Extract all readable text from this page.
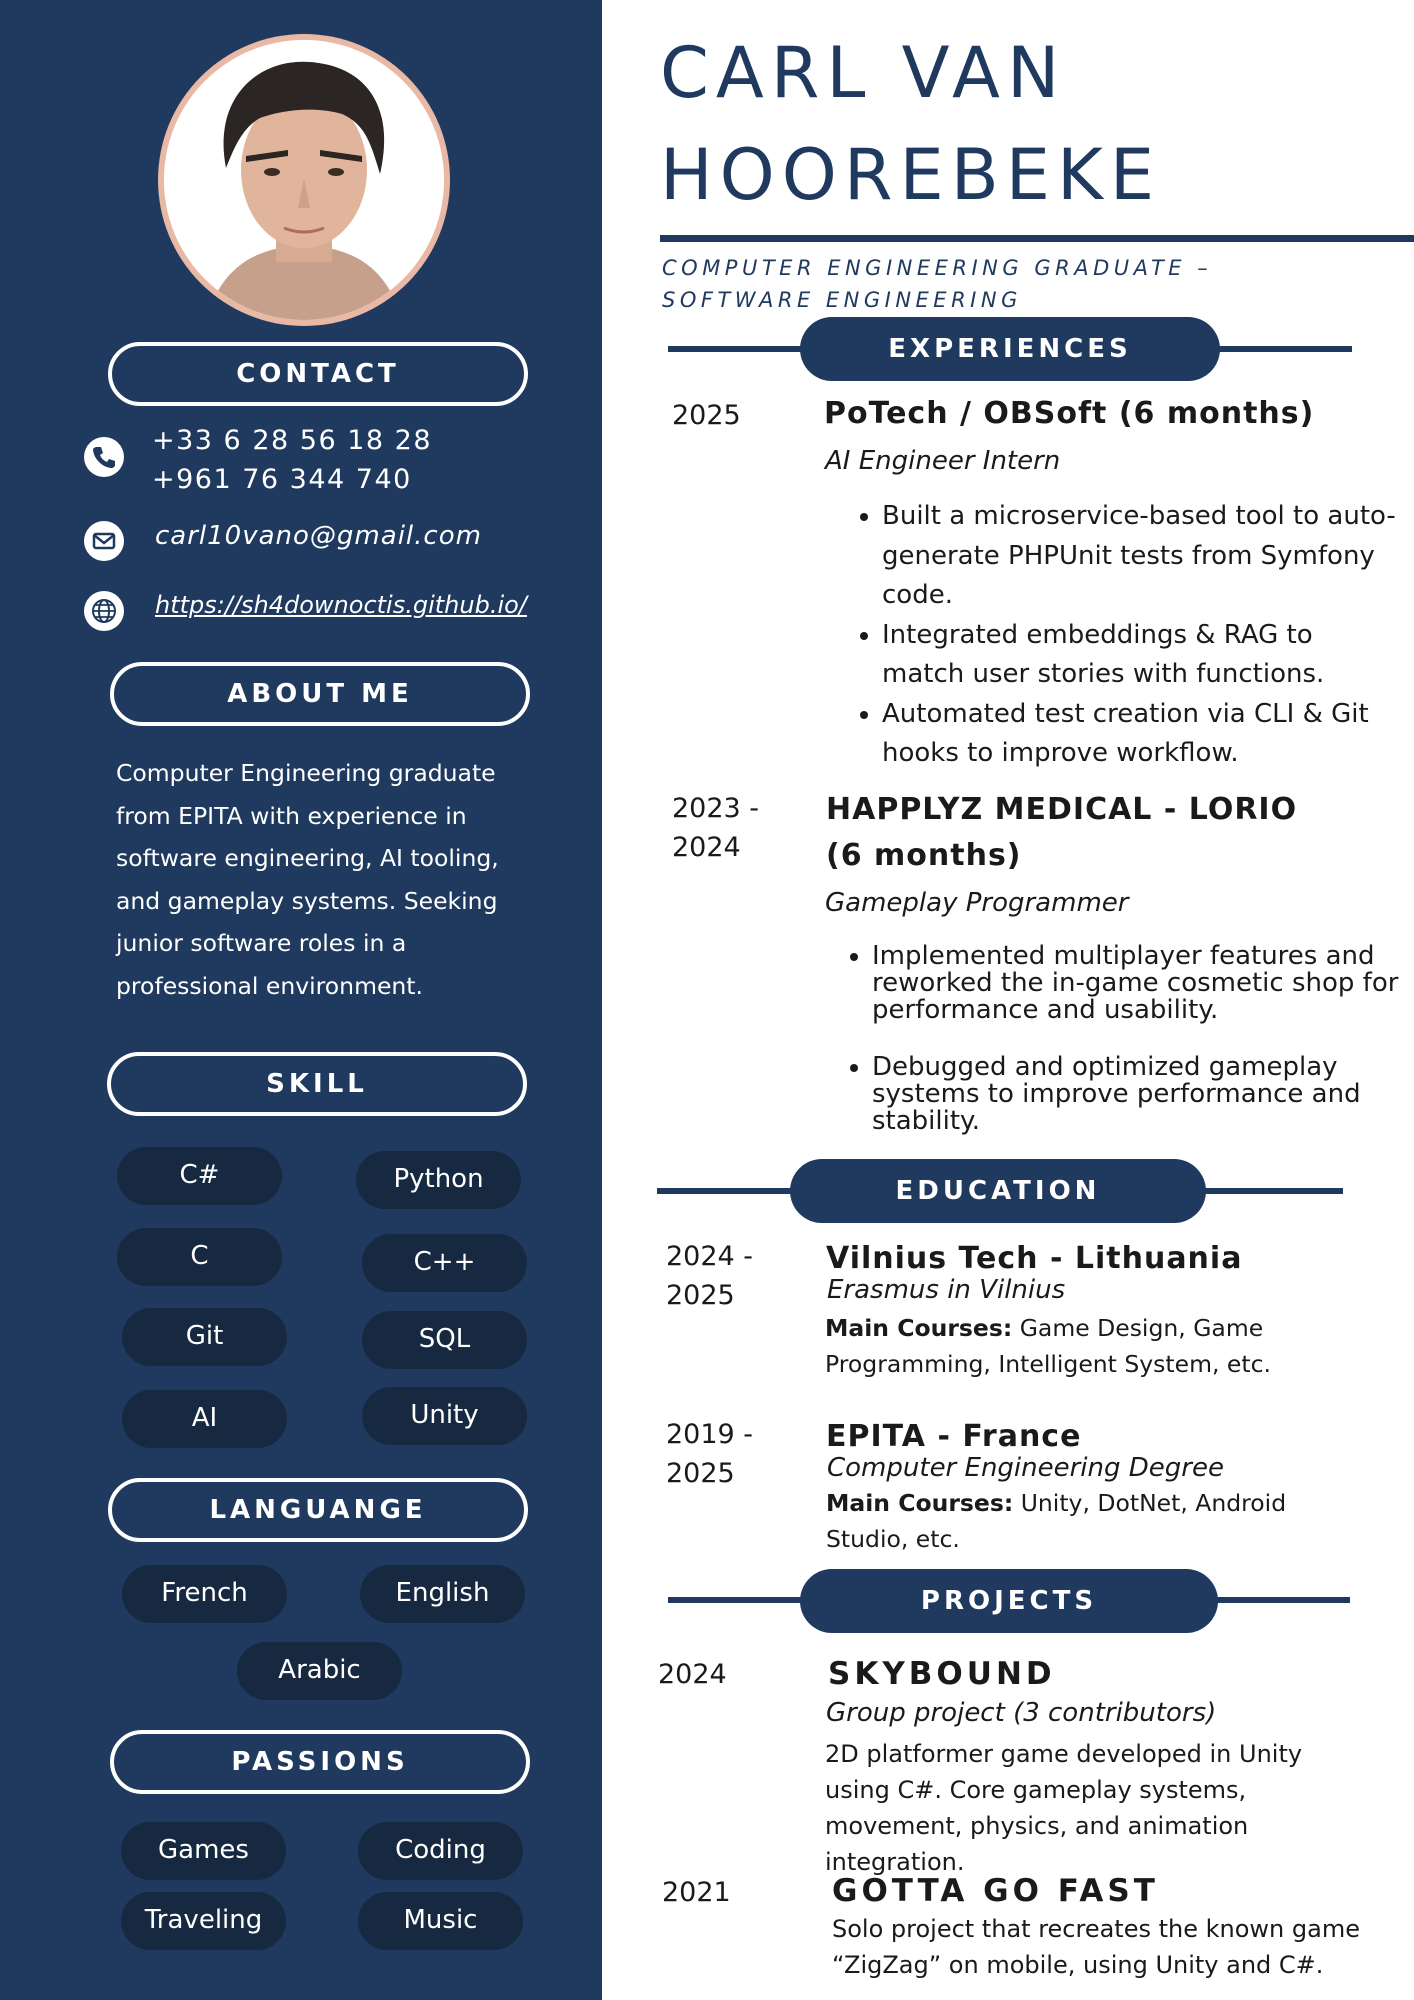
CONTACT
+33 6 28 56 18 28
+961 76 344 740
carl10vano@gmail.com
https://sh4downoctis.github.io/
ABOUT ME
Computer Engineering graduate from EPITA with experience in software engineering, AI tooling, and gameplay systems. Seeking junior software roles in a professional environment.
SKILL
C#	Python
C	C++
Git	SQL
AI	Unity
LANGUANGE
French	English
Arabic
PASSIONS
Games	Coding
Traveling	Music
CARL VAN
HOOREBEKE
COMPUTER ENGINEERING GRADUATE –
SOFTWARE ENGINEERING
EXPERIENCES
2025	PoTech / OBSoft (6 months)
AI Engineer Intern
• Built a microservice-based tool to auto-generate PHPUnit tests from Symfony code.
• Integrated embeddings & RAG to match user stories with functions.
• Automated test creation via CLI & Git hooks to improve workflow.
2023 -
2024
HAPPLYZ MEDICAL - LORIO
(6 months)
Gameplay Programmer
• Implemented multiplayer features and reworked the in-game cosmetic shop for performance and usability.
• Debugged and optimized gameplay systems to improve performance and stability.
EDUCATION
2024 -
2025
Vilnius Tech - Lithuania
Erasmus in Vilnius
Main Courses: Game Design, Game Programming, Intelligent System, etc.
2019 -
2025
EPITA - France
Computer Engineering Degree
Main Courses: Unity, DotNet, Android Studio, etc.
PROJECTS
2024	SKYBOUND
Group project (3 contributors)
2D platformer game developed in Unity using C#. Core gameplay systems, movement, physics, and animation integration.
2021	GOTTA GO FAST
Solo project that recreates the known game “ZigZag” on mobile, using Unity and C#.
